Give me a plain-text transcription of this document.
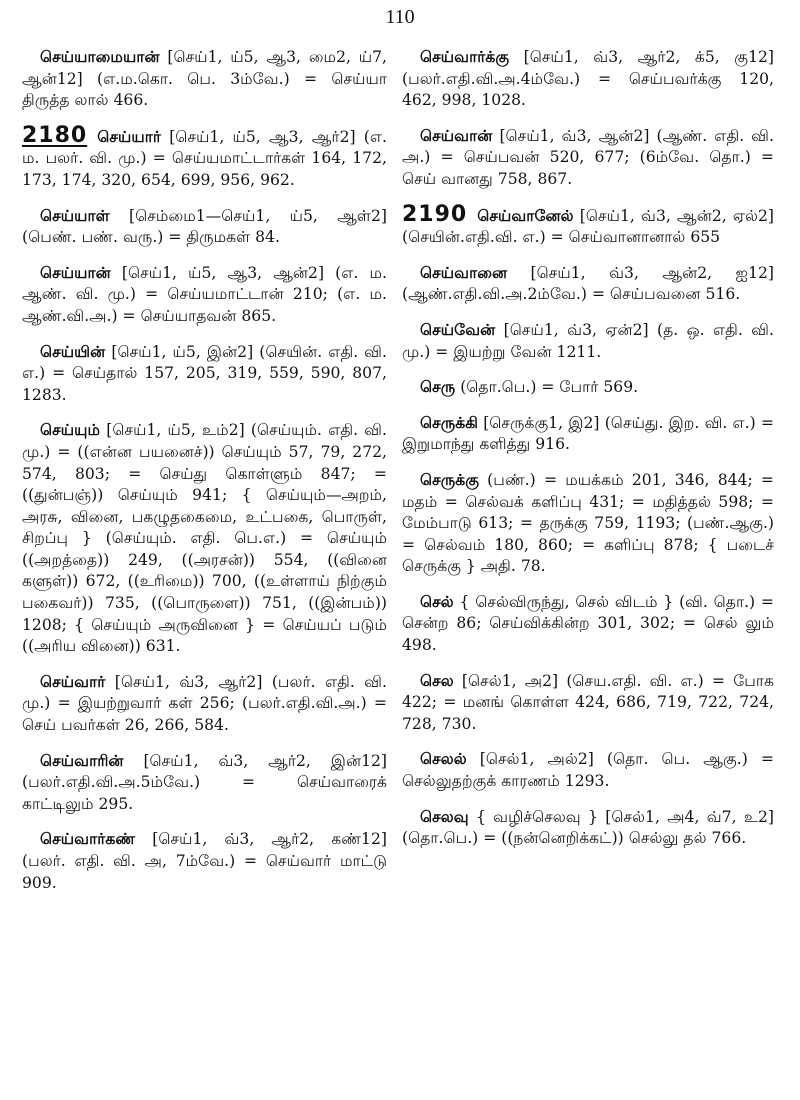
110
செய்யாமையான் [செய்1, ய்5, ஆ3, மை2, ய்7, ஆன்12] (எ.ம.கொ. பெ. 3ம்வே.) = செய்யா திருத்த லால் 466.
2180 செய்யார் [செய்1, ய்5, ஆ3, ஆர்2] (எ. ம. பலர். வி. மு.) = செய்யமாட்டார்கள் 164, 172, 173, 174, 320, 654, 699, 956, 962.
செய்யாள் [செம்மை1—செய்1, ய்5, ஆள்2] (பெண். பண். வரு.) = திருமகள் 84.
செய்யான் [செய்1, ய்5, ஆ3, ஆன்2] (எ. ம. ஆண். வி. மு.) = செய்யமாட்டான் 210; (எ. ம. ஆண்.வி.அ.) = செய்யாதவன் 865.
செய்யின் [செய்1, ய்5, இன்2] (செயின். எதி. வி. எ.) = செய்தால் 157, 205, 319, 559, 590, 807, 1283.
செய்யும் [செய்1, ய்5, உம்2] (செய்யும். எதி. வி. மு.) = ((என்ன பயனைச்)) செய்யும் 57, 79, 272, 574, 803; = செய்து கொள்ளும் 847; = ((துன்பஞ்)) செய்யும் 941; { செய்யும்—அறம், அரசு, வினை, பகழுதகைமை, உட்பகை, பொருள், சிறப்பு } (செய்யும். எதி. பெ.எ.) = செய்யும் ((அறத்தை)) 249, ((அரசன்)) 554, ((வினை களுள்)) 672, ((உரிமை)) 700, ((உள்ளாய் நிற்கும் பகைவர்)) 735, ((பொருளை)) 751, ((இன்பம்)) 1208; { செய்யும் அருவினை } = செய்யப் படும் ((அரிய வினை)) 631.
செய்வார் [செய்1, வ்3, ஆர்2] (பலர். எதி. வி. மு.) = இயற்றுவார் கள் 256; (பலர்.எதி.வி.அ.) = செய் பவர்கள் 26, 266, 584.
செய்வாரின் [செய்1, வ்3, ஆர்2, இன்12] (பலர்.எதி.வி.அ.5ம்வே.) = செய்வாரைக் காட்டிலும் 295.
செய்வார்கண் [செய்1, வ்3, ஆர்2, கண்12] (பலர். எதி. வி. அ, 7ம்வே.) = செய்வார் மாட்டு 909.
செய்வார்க்கு [செய்1, வ்3, ஆர்2, க்5, கு12] (பலர்.எதி.வி.அ.4ம்வே.) = செய்பவர்க்கு 120, 462, 998, 1028.
செய்வான் [செய்1, வ்3, ஆன்2] (ஆண். எதி. வி. அ.) = செய்பவன் 520, 677; (6ம்வே. தொ.) = செய் வானது 758, 867.
2190 செய்வானேல் [செய்1, வ்3, ஆன்2, ஏல்2] (செயின்.எதி.வி. எ.) = செய்வானானால் 655
செய்வானை [செய்1, வ்3, ஆன்2, ஐ12] (ஆண்.எதி.வி.அ.2ம்வே.) = செய்பவனை 516.
செய்வேன் [செய்1, வ்3, ஏன்2] (த. ஒ. எதி. வி. மு.) = இயற்று வேன் 1211.
செரு (தொ.பெ.) = போர் 569.
செருக்கி [செருக்கு1, இ2] (செய்து. இற. வி. எ.) = இறுமாந்து களித்து 916.
செருக்கு (பண்.) = மயக்கம் 201, 346, 844; = மதம் = செல்வக் களிப்பு 431; = மதித்தல் 598; = மேம்பாடு 613; = தருக்கு 759, 1193; (பண்.ஆகு.) = செல்வம் 180, 860; = களிப்பு 878; { படைச் செருக்கு } அதி. 78.
செல் { செல்விருந்து, செல் விடம் } (வி. தொ.) = சென்ற 86; செய்விக்கின்ற 301, 302; = செல் லும் 498.
செல [செல்1, அ2] (செய.எதி. வி. எ.) = போக 422; = மனங் கொள்ள 424, 686, 719, 722, 724, 728, 730.
செலல் [செல்1, அல்2] (தொ. பெ. ஆகு.) = செல்லுதற்குக் காரணம் 1293.
செலவு { வழிச்செலவு } [செல்1, அ4, வ்7, உ2] (தொ.பெ.) = ((நன்னெறிக்கட்)) செல்லு தல் 766.
